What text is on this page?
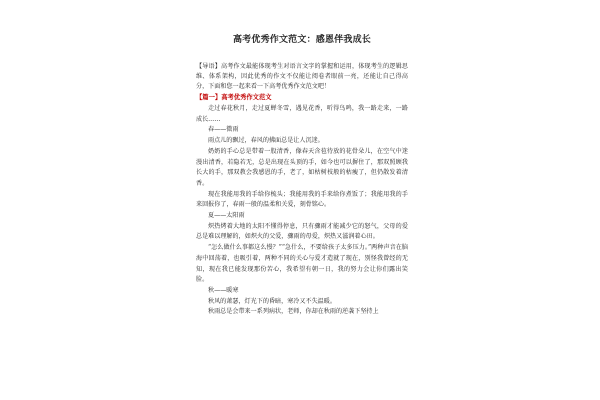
高考优秀作文范文：感恩伴我成长

【导语】高考作文最能体现考生对语言文字的掌握和运用，体现考生的逻辑思维、体系架构，因此优秀的作文不仅能让阅卷者眼前一亮，还能让自己得高分，下面和您一起来看一下高考优秀作文范文吧！

【篇一】高考优秀作文范文

走过春花秋月，走过夏蝉冬雪，遇见花香，听得鸟鸣，我一路走来，一路成长……

春——微雨

雨点儿的飘过，春风的拂面总是让人沉迷。

奶奶的手心总是带着一股清香，像春天含苞待放的花骨朵儿，在空气中迷漫出清香，若隐若无，总是出现在头顶的手，如今也可以摒住了，那双照顾我长大的手，那双教会我感恩的手，老了，如枯树枝般的枯瘦了，但仍散发着清香。

现在我能用我的手给你梳头；我能用我的手来给你煮饭了；我能用我的手来回报你了，春雨一般的温柔和关爱，刻骨铭心。

夏——太阳雨

炽热烤着大地的太阳不懂得停息，只有骤雨才能减少它的怒气，父母的爱总是难以理解的，如炽火的父爱，骤雨的母爱，炽热又滋润着心田。

“怎么做什么事都这么慢？”“急什么，不要给孩子太多压力。”两种声音在脑海中回荡着，也吸引着，两种不同的关心与爱才造就了现在，别怪我曾经的无知，现在我已能发现那份苦心，我希望有朝一日，我的努力会让你们露出笑脸。

秋——暖寒

秋风的萧瑟，灯光下的昏暗，寒冷又不失温暖。

秋雨总是会带来一系列病状，老师，你却在秋雨的逆袭下坚持上
